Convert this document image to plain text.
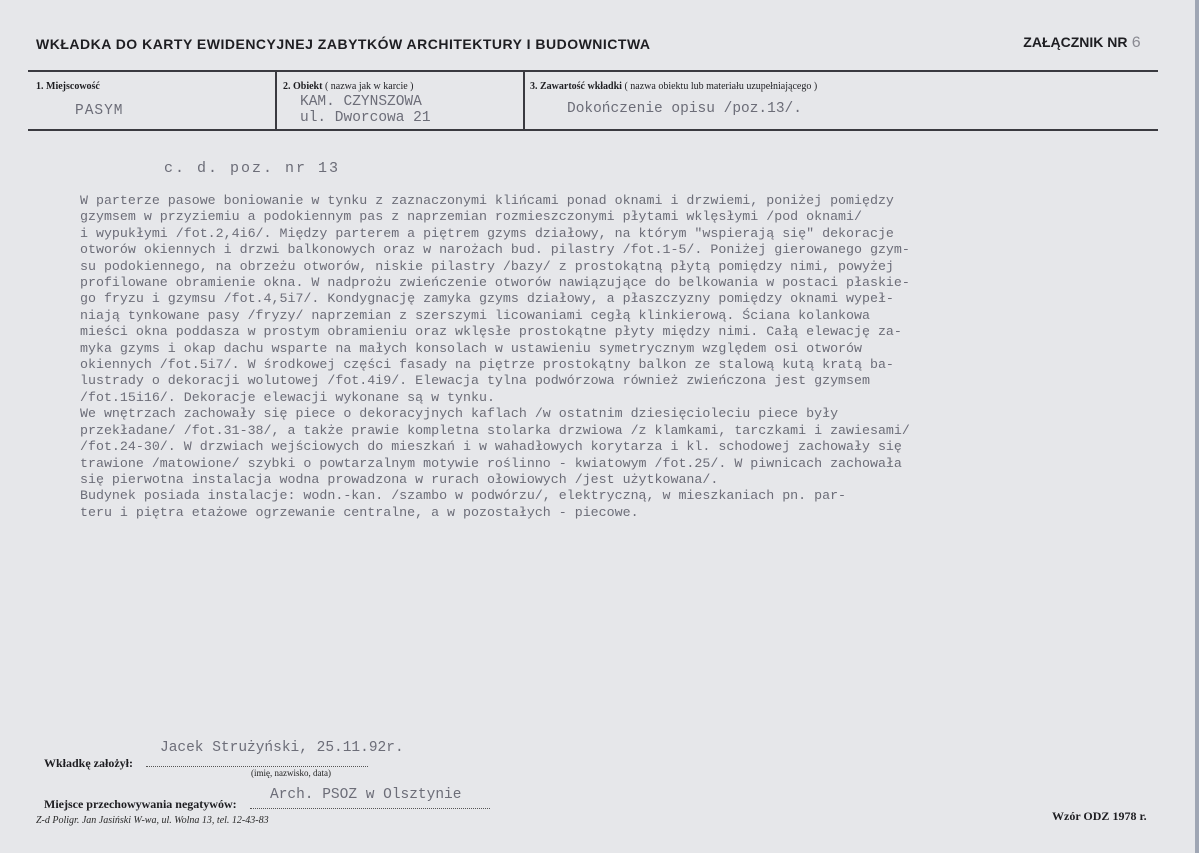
WKŁADKA DO KARTY EWIDENCYJNEJ ZABYTKÓW ARCHITEKTURY I BUDOWNICTWA	ZAŁĄCZNIK NR 6
1. Miejscowość
PASYM
2. Obiekt ( nazwa jak w karcie )
KAM. CZYNSZOWA
ul. Dworcowa 21
3. Zawartość wkładki ( nazwa obiektu lub materiału uzupełniającego )
Dokończenie opisu /poz.13/.
c. d. poz. nr 13
W parterze pasowe boniowanie w tynku z zaznaczonymi klińcami ponad oknami i drzwiemi, poniżej pomiędzy
gzymsem w przyziemiu a podokiennym pas z naprzemian rozmieszczonymi płytami wklęsłymi /pod oknami/
i wypukłymi /fot.2,4i6/. Między parterem a piętrem gzyms działowy, na którym "wspierają się" dekoracje
otworów okiennych i drzwi balkonowych oraz w narożach bud. pilastry /fot.1-5/. Poniżej gierowanego gzym-
su podokiennego, na obrzeżu otworów, niskie pilastry /bazy/ z prostokątną płytą pomiędzy nimi, powyżej
profilowane obramienie okna. W nadprożu zwieńczenie otworów nawiązujące do belkowania w postaci płaskie-
go fryzu i gzymsu /fot.4,5i7/. Kondygnację zamyka gzyms działowy, a płaszczyzny pomiędzy oknami wypeł-
niają tynkowane pasy /fryzy/ naprzemian z szerszymi licowaniami cegłą klinkierową. Ściana kolankowa
mieści okna poddasza w prostym obramieniu oraz wklęsłe prostokątne płyty między nimi. Całą elewację za-
myka gzyms i okap dachu wsparte na małych konsolach w ustawieniu symetrycznym względem osi otworów
okiennych /fot.5i7/. W środkowej części fasady na piętrze prostokątny balkon ze stalową kutą kratą ba-
lustrady o dekoracji wolutowej /fot.4i9/. Elewacja tylna podwórzowa również zwieńczona jest gzymsem
/fot.15i16/. Dekoracje elewacji wykonane są w tynku.
We wnętrzach zachowały się piece o dekoracyjnych kaflach /w ostatnim dziesięcioleciu piece były
przekładane/ /fot.31-38/, a także prawie kompletna stolarka drzwiowa /z klamkami, tarczkami i zawiesami/
/fot.24-30/. W drzwiach wejściowych do mieszkań i w wahadłowych korytarza i kl. schodowej zachowały się
trawione /matowione/ szybki o powtarzalnym motywie roślinno - kwiatowym /fot.25/. W piwnicach zachowała
się pierwotna instalacja wodna prowadzona w rurach ołowiowych /jest użytkowana/.
Budynek posiada instalacje: wodn.-kan. /szambo w podwórzu/, elektryczną, w mieszkaniach pn. par-
teru i piętra etażowe ogrzewanie centralne, a w pozostałych - piecowe.
Jacek Strużyński, 25.11.92r.
Wkładkę założył:
(imię, nazwisko, data)
Arch. PSOZ w Olsztynie
Miejsce przechowywania negatywów:
Z-d Poligr. Jan Jasiński W-wa, ul. Wolna 13, tel. 12-43-83	Wzór ODZ 1978 r.
